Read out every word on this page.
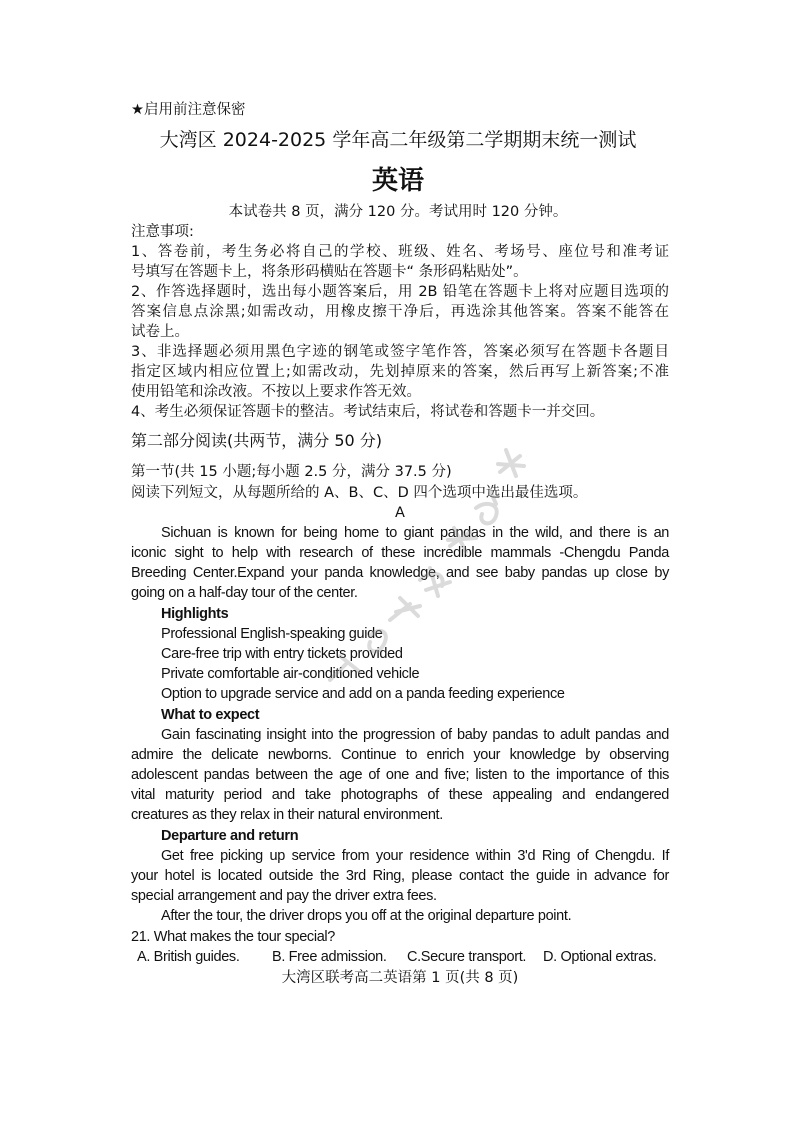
★启用前注意保密
大湾区 2024-2025 学年高二年级第二学期期末统一测试
英语
本试卷共 8 页，满分 120 分。考试用时 120 分钟。
注意事项:
1、答卷前，考生务必将自己的学校、班级、姓名、考场号、座位号和准考证
号填写在答题卡上，将条形码横贴在答题卡“ 条形码粘贴处”。
2、作答选择题时，选出每小题答案后，用 2B 铅笔在答题卡上将对应题目选项的
答案信息点涂黑;如需改动，用橡皮擦干净后，再选涂其他答案。答案不能答在
试卷上。
3、非选择题必须用黑色字迹的钢笔或签字笔作答，答案必须写在答题卡各题目
指定区域内相应位置上;如需改动，先划掉原来的答案，然后再写上新答案;不准
使用铅笔和涂改液。不按以上要求作答无效。
4、考生必须保证答题卡的整洁。考试结束后，将试卷和答题卡一并交回。
第二部分阅读(共两节，满分 50 分)
第一节(共 15 小题;每小题 2.5 分，满分 37.5 分)
阅读下列短文，从每题所给的 A、B、C、D 四个选项中选出最佳选项。
A
Sichuan is known for being home to giant pandas in the wild, and there is an
iconic sight to help with research of these incredible mammals -Chengdu Panda
Breeding Center.Expand your panda knowledge, and see baby pandas up close by
going on a half-day tour of the center.
Highlights
Professional English-speaking guide
Care-free trip with entry tickets provided
Private comfortable air-conditioned vehicle
Option to upgrade service and add on a panda feeding experience
What to expect
Gain fascinating insight into the progression of baby pandas to adult pandas and
admire the delicate newborns. Continue to enrich your knowledge by observing
adolescent pandas between the age of one and five; listen to the importance of this
vital maturity period and take photographs of these appealing and endangered
creatures as they relax in their natural environment.
Departure and return
Get free picking up service from your residence within 3'd Ring of Chengdu. If
your hotel is located outside the 3rd Ring, please contact the guide in advance for
special arrangement and pay the driver extra fees.
After the tour, the driver drops you off at the original departure point.
21. What makes the tour special?
A. British guides. B. Free admission. C.Secure transport. D. Optional extras.
大湾区联考高二英语第 1 页(共 8 页)
